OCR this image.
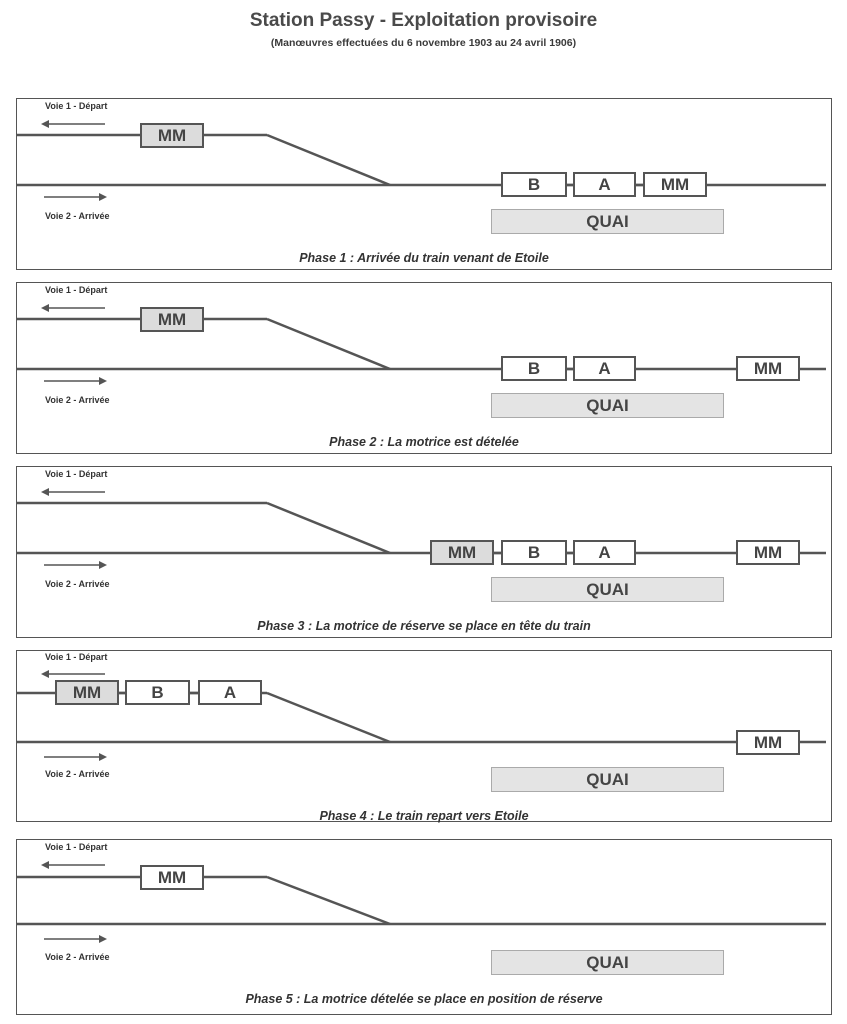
Station Passy - Exploitation provisoire
(Manœuvres effectuées du 6 novembre 1903 au 24 avril 1906)
Voie 1 - Départ
Voie 2 - Arrivée
MM
B	A	MM
QUAI
Phase 1 : Arrivée du train venant de Etoile
Voie 1 - Départ
Voie 2 - Arrivée
MM
B	A	MM
QUAI
Phase 2 : La motrice est dételée
Voie 1 - Départ
Voie 2 - Arrivée
MM	B	A	MM
QUAI
Phase 3 : La motrice de réserve se place en tête du train
Voie 1 - Départ
Voie 2 - Arrivée
MM	B	A
MM
QUAI
Phase 4 : Le train repart vers Etoile
Voie 1 - Départ
Voie 2 - Arrivée
MM
QUAI
Phase 5 : La motrice dételée se place en position de réserve
